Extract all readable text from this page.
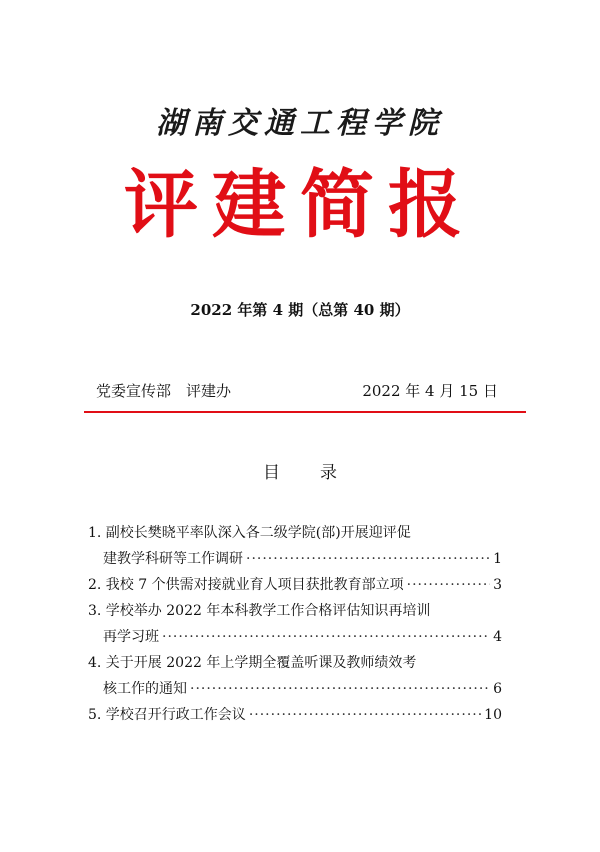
湖南交通工程学院
评建简报
2022 年第 4 期（总第 40 期）
党委宣传部　评建办	2022 年 4 月 15 日
目录
1. 副校长樊晓平率队深入各二级学院(部)开展迎评促
建教学科研等工作调研 ·····	1
2. 我校 7 个供需对接就业育人项目获批教育部立项 ·····	3
3. 学校举办 2022 年本科教学工作合格评估知识再培训
再学习班 ·····	4
4. 关于开展 2022 年上学期全覆盖听课及教师绩效考
核工作的通知 ·····	6
5. 学校召开行政工作会议 ·····	10
